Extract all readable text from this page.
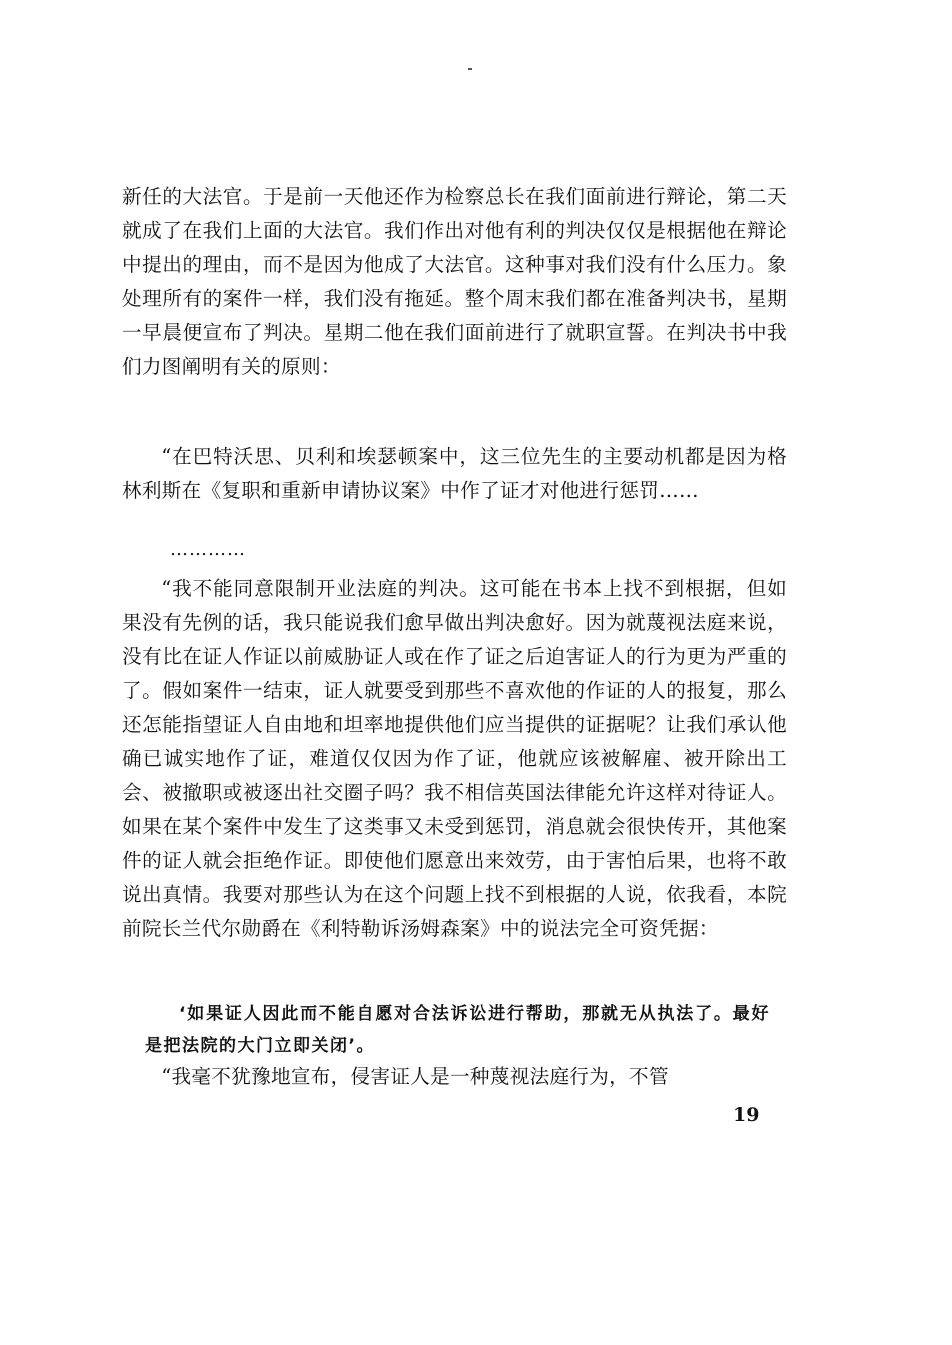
新任的大法官。于是前一天他还作为检察总长在我们面前进行辩论，第二天就成了在我们上面的大法官。我们作出对他有利的判决仅仅是根据他在辩论中提出的理由，而不是因为他成了大法官。这种事对我们没有什么压力。象处理所有的案件一样，我们没有拖延。整个周末我们都在准备判决书，星期一早晨便宣布了判决。星期二他在我们面前进行了就职宣誓。在判决书中我们力图阐明有关的原则：

“在巴特沃思、贝利和埃瑟顿案中，这三位先生的主要动机都是因为格林利斯在《复职和重新申请协议案》中作了证才对他进行惩罚……

…………

“我不能同意限制开业法庭的判决。这可能在书本上找不到根据，但如果没有先例的话，我只能说我们愈早做出判决愈好。因为就蔑视法庭来说，没有比在证人作证以前威胁证人或在作了证之后迫害证人的行为更为严重的了。假如案件一结束，证人就要受到那些不喜欢他的作证的人的报复，那么还怎能指望证人自由地和坦率地提供他们应当提供的证据呢？让我们承认他确已诚实地作了证，难道仅仅因为作了证，他就应该被解雇、被开除出工会、被撤职或被逐出社交圈子吗？我不相信英国法律能允许这样对待证人。如果在某个案件中发生了这类事又未受到惩罚，消息就会很快传开，其他案件的证人就会拒绝作证。即使他们愿意出来效劳，由于害怕后果，也将不敢说出真情。我要对那些认为在这个问题上找不到根据的人说，依我看，本院前院长兰代尔勋爵在《利特勒诉汤姆森案》中的说法完全可资凭据：

‘如果证人因此而不能自愿对合法诉讼进行帮助，那就无从执法了。最好是把法院的大门立即关闭’。

“我毫不犹豫地宣布，侵害证人是一种蔑视法庭行为，不管

19
